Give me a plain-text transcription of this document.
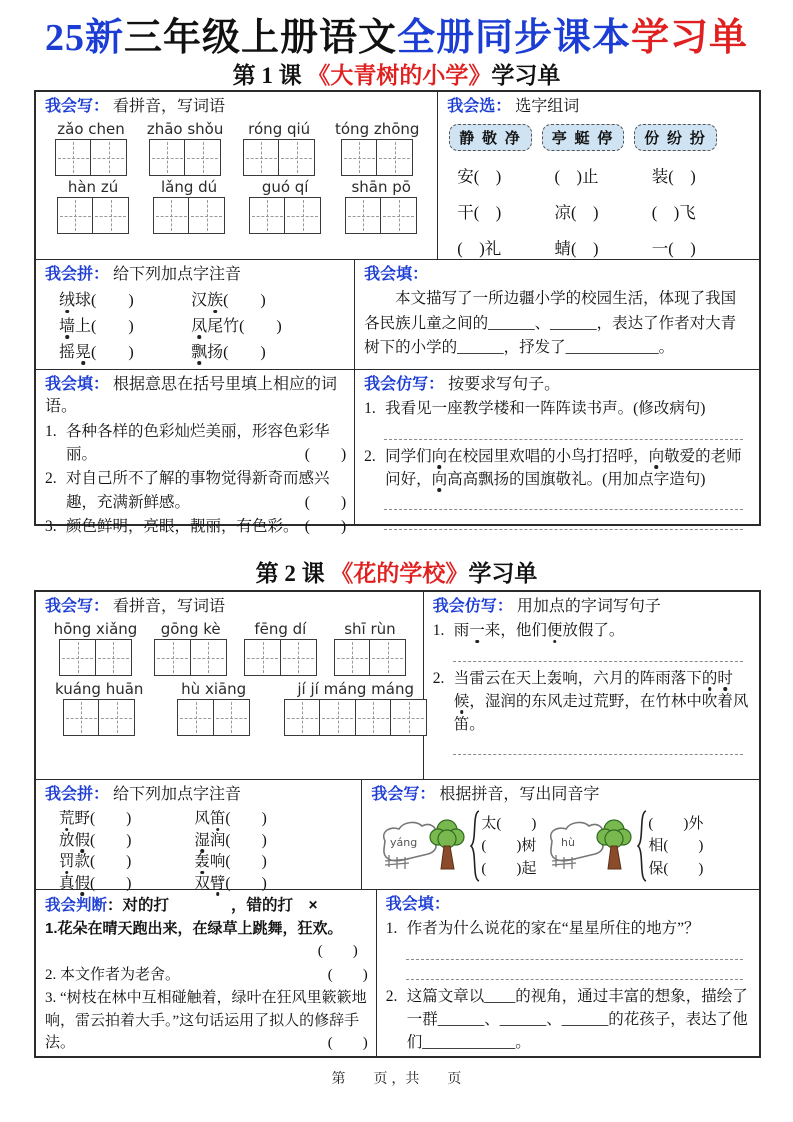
25新三年级上册语文全册同步课本学习单
第 1 课 《大青树的小学》学习单
我会写： 看拼音，写词语
zǎo chen zhāo shǒu	róng qiú	tóng zhōng
hàn zú	lǎng dú	guó qí	shān pō
我会选： 选字组词
静 敬 净	亭 蜓 停	份 纷 扮
安(　)	(　)止	装(　)
干(　)	凉(　)	(　)飞
(　)礼	蜻(　)	一(　)
我会拼： 给下列加点字注音
绒球(　　)	汉族(　　)
墙上(　　)	凤尾竹(　　)
摇晃(　　)	飘扬(　　)
我会填：
本文描写了一所边疆小学的校园生活，体现了我国各民族儿童之间的______、______，表达了作者对大青树下的小学的______，抒发了____________。
我会填： 根据意思在括号里填上相应的词语。
1. 各种各样的色彩灿烂美丽，形容色彩华丽。	(　　)
2. 对自己所不了解的事物觉得新奇而感兴趣，充满新鲜感。	(　　)
3. 颜色鲜明，亮眼，靓丽，有色彩。 (　　)
我会仿写： 按要求写句子。
1. 我看见一座教学楼和一阵阵读书声。(修改病句)
2. 同学们向在校园里欢唱的小鸟打招呼，向敬爱的老师问好，向高高飘扬的国旗敬礼。(用加点字造句)
第 2 课 《花的学校》学习单
我会写： 看拼音，写词语
hōng xiǎng	gōng kè	fēng dí	shī rùn
kuáng huān	hù xiāng	jí jí máng máng
我会仿写： 用加点的字词写句子
1. 雨一来，他们便放假了。
2. 当雷云在天上轰响，六月的阵雨落下的时候，湿润的东风走过荒野，在竹林中吹着风笛。
我会拼： 给下列加点字注音
荒野(　　)	风笛(　　)
放假(　　)	湿润(　　)
罚款(　　)	轰响(　　)
真假(　　)	双臂(　　)
我会写： 根据拼音，写出同音字
yáng
太(　　)
(　　)树
(　　)起
hù
(　　)外
相(　　)
保(　　)
我会判断：对的打　　　　，错的打　×
1.花朵在晴天跑出来，在绿草上跳舞，狂欢。
(　　)
2. 本文作者为老舍。	(　　)
3. “树枝在林中互相碰触着，绿叶在狂风里簌簌地响，雷云拍着大手。”这句话运用了拟人的修辞手法。	(　　)
我会填：
1. 作者为什么说花的家在“星星所住的地方”？
2. 这篇文章以____的视角，通过丰富的想象，描绘了一群______、______、______的花孩子，表达了他们____________。
第　　页 ，共　　页
